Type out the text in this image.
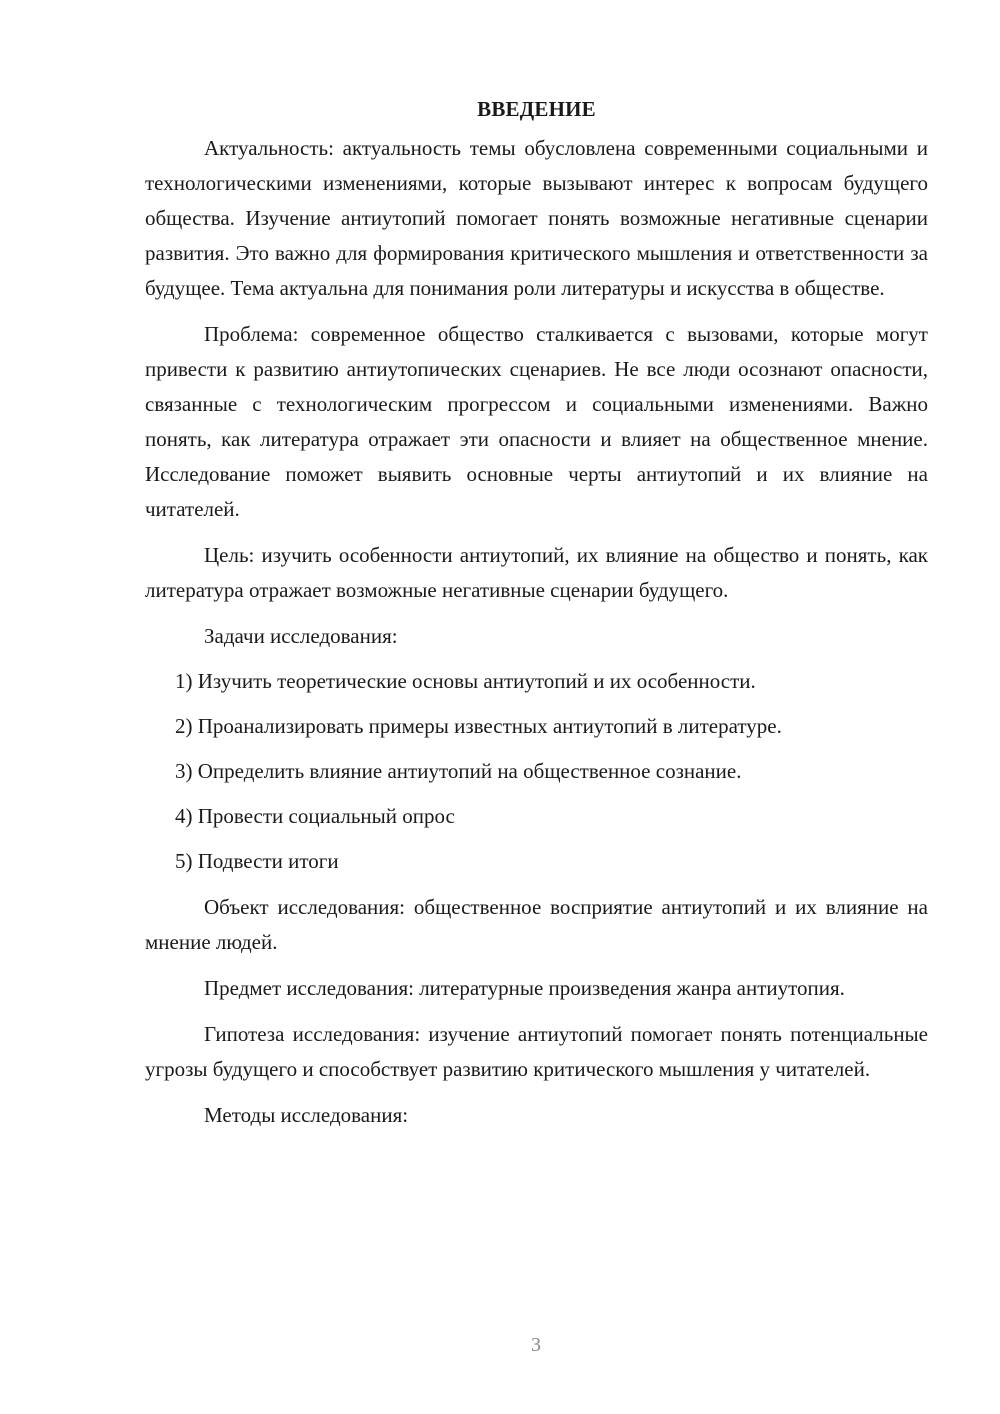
ВВЕДЕНИЕ

Актуальность: актуальность темы обусловлена современными социальными и технологическими изменениями, которые вызывают интерес к вопросам будущего общества. Изучение антиутопий помогает понять возможные негативные сценарии развития. Это важно для формирования критического мышления и ответственности за будущее. Тема актуальна для понимания роли литературы и искусства в обществе.

Проблема: современное общество сталкивается с вызовами, которые могут привести к развитию антиутопических сценариев. Не все люди осознают опасности, связанные с технологическим прогрессом и социальными изменениями. Важно понять, как литература отражает эти опасности и влияет на общественное мнение. Исследование поможет выявить основные черты антиутопий и их влияние на читателей.

Цель: изучить особенности антиутопий, их влияние на общество и понять, как литература отражает возможные негативные сценарии будущего.

Задачи исследования:

1) Изучить теоретические основы антиутопий и их особенности.

2) Проанализировать примеры известных антиутопий в литературе.

3) Определить влияние антиутопий на общественное сознание.

4) Провести социальный опрос

5) Подвести итоги

Объект исследования: общественное восприятие антиутопий и их влияние на мнение людей.

Предмет исследования: литературные произведения жанра антиутопия.

Гипотеза исследования: изучение антиутопий помогает понять потенциальные угрозы будущего и способствует развитию критического мышления у читателей.

Методы исследования:

3
